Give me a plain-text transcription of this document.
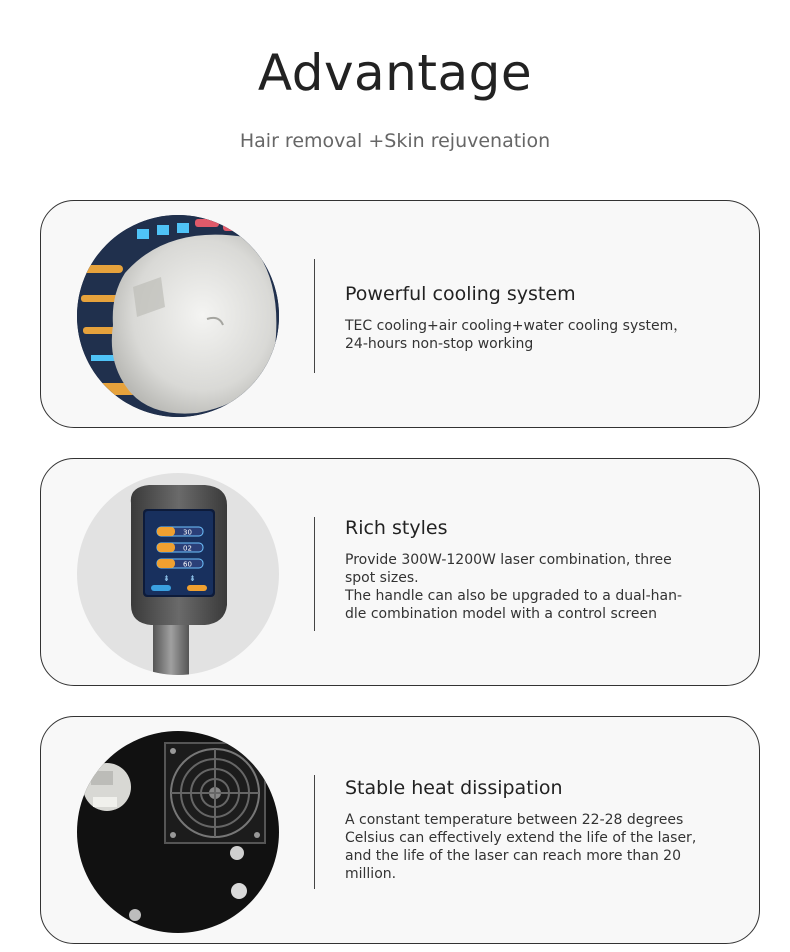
Advantage
Hair removal +Skin rejuvenation
Powerful cooling system

TEC cooling+air cooling+water cooling system，

24-hours non-stop working

30
02
60
⇟ ⇟
Rich styles

Provide 300W-1200W laser combination, three

spot sizes.

The handle can also be upgraded to a dual-han-

dle combination model with a control screen

Stable heat dissipation

A constant temperature between 22-28 degrees

Celsius can effectively extend the life of the laser,

and the life of the laser can reach more than 20

million.
